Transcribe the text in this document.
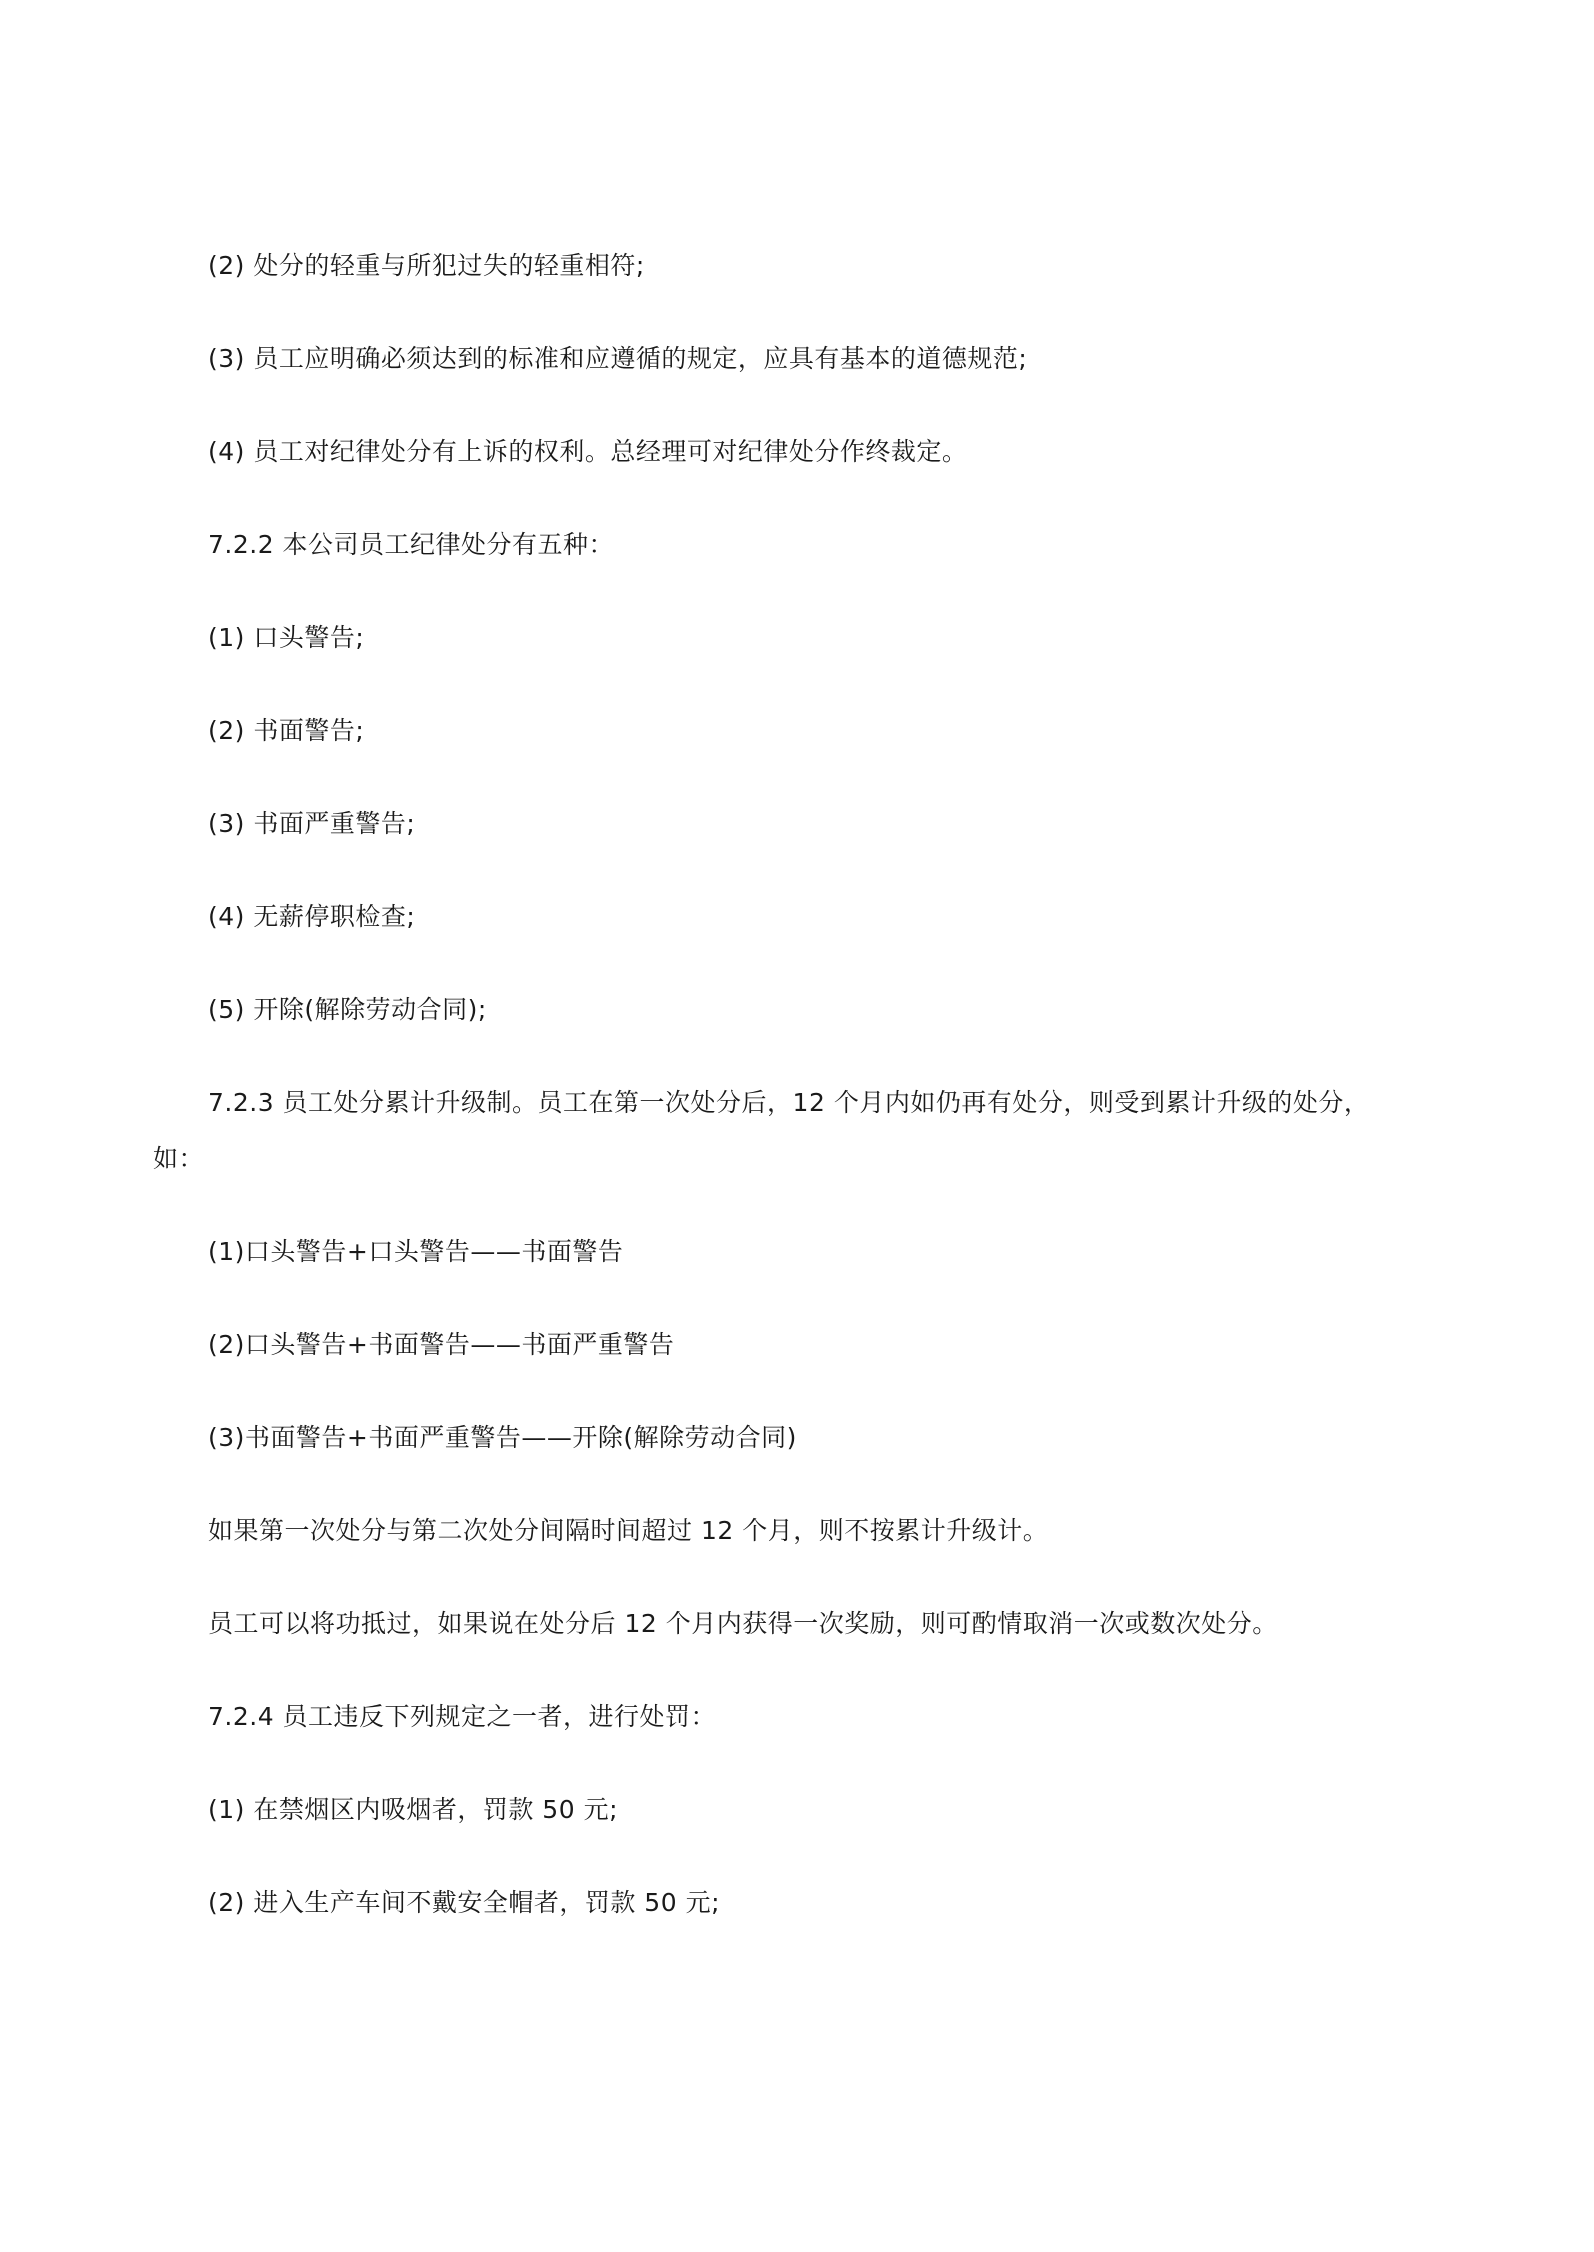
(2) 处分的轻重与所犯过失的轻重相符;
(3) 员工应明确必须达到的标准和应遵循的规定，应具有基本的道德规范;
(4) 员工对纪律处分有上诉的权利。总经理可对纪律处分作终裁定。
7.2.2 本公司员工纪律处分有五种：
(1) 口头警告;
(2) 书面警告;
(3) 书面严重警告;
(4) 无薪停职检查;
(5) 开除(解除劳动合同);
7.2.3 员工处分累计升级制。员工在第一次处分后，12 个月内如仍再有处分，则受到累计升级的处分，
如：
(1)口头警告+口头警告——书面警告
(2)口头警告+书面警告——书面严重警告
(3)书面警告+书面严重警告——开除(解除劳动合同)
如果第一次处分与第二次处分间隔时间超过 12 个月，则不按累计升级计。
员工可以将功抵过，如果说在处分后 12 个月内获得一次奖励，则可酌情取消一次或数次处分。
7.2.4 员工违反下列规定之一者，进行处罚：
(1) 在禁烟区内吸烟者，罚款 50 元;
(2) 进入生产车间不戴安全帽者，罚款 50 元;
